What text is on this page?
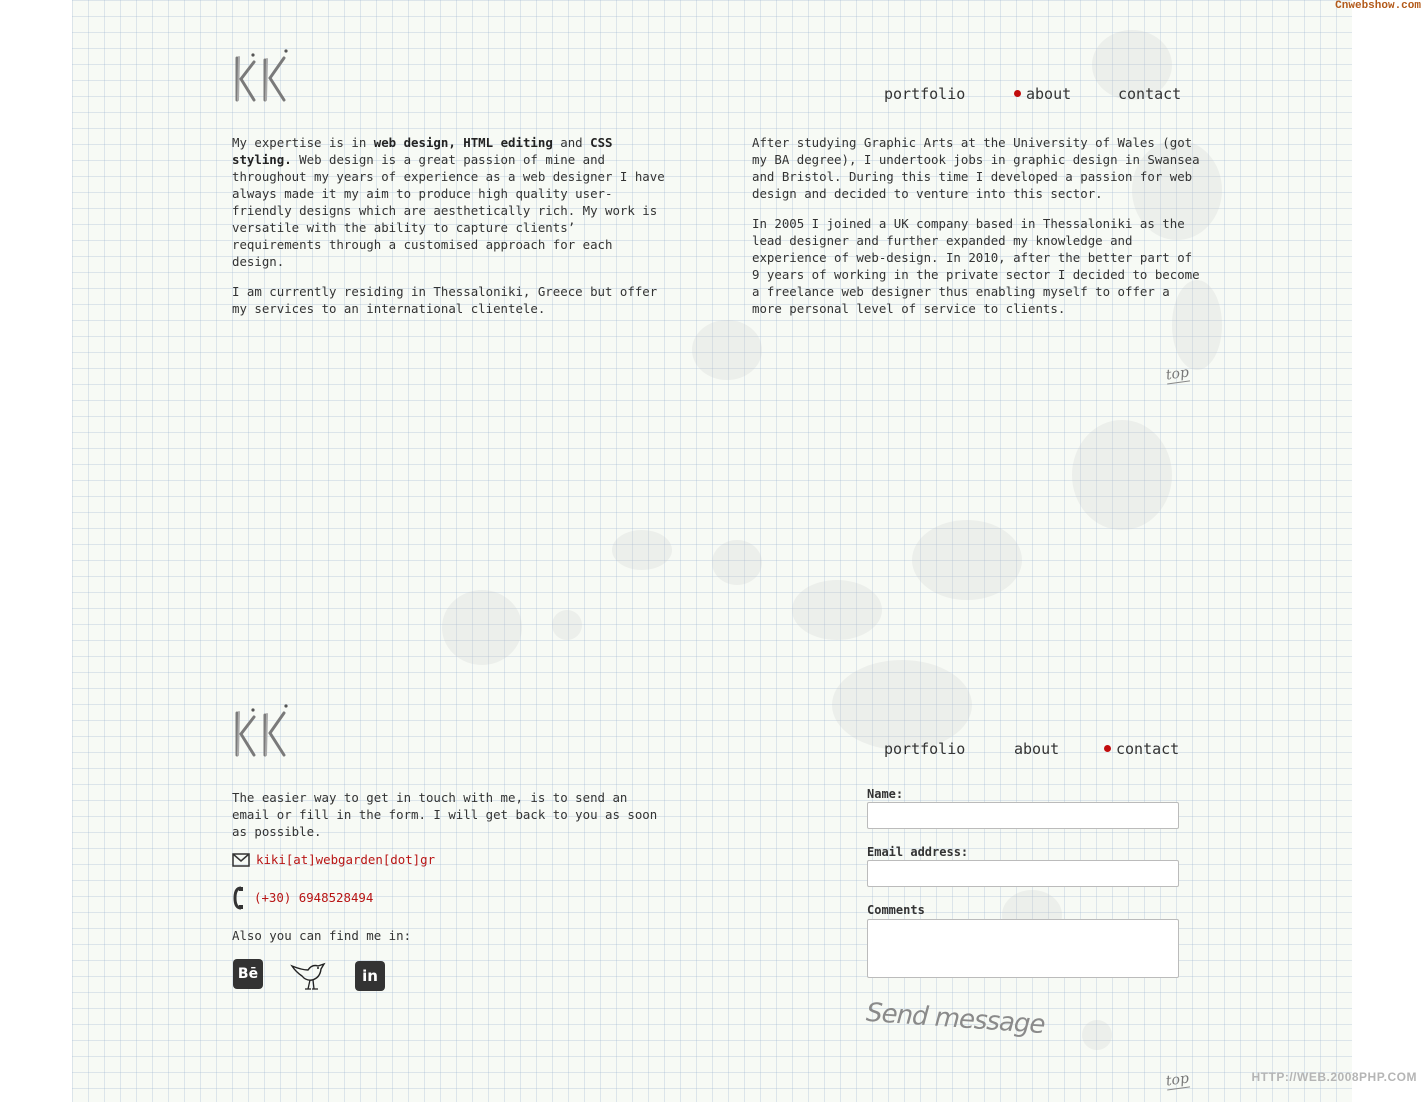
Cnwebshow.com
HTTP://WEB.2008PHP.COM
KK
portfolio	about	contact

My expertise is in web design, HTML editing and CSS styling. Web design is a great passion of mine and throughout my years of experience as a web designer I have always made it my aim to produce high quality user-friendly designs which are aesthetically rich. My work is versatile with the ability to capture clients’ requirements through a customised approach for each design.

I am currently residing in Thessaloniki, Greece but offer my services to an international clientele.

After studying Graphic Arts at the University of Wales (got my BA degree), I undertook jobs in graphic design in Swansea and Bristol. During this time I developed a passion for web design and decided to venture into this sector.

In 2005 I joined a UK company based in Thessaloniki as the lead designer and further expanded my knowledge and experience of web-design. In 2010, after the better part of 9 years of working in the private sector I decided to become a freelance web designer thus enabling myself to offer a more personal level of service to clients.

top
portfolio	about	contact
The easier way to get in touch with me, is to send an email or fill in the form. I will get back to you as soon as possible.
kiki[at]webgarden[dot]gr
(+30) 6948528494
Also you can find me in:
Bē	in
Name:
Email address:
Comments
Send message
top
